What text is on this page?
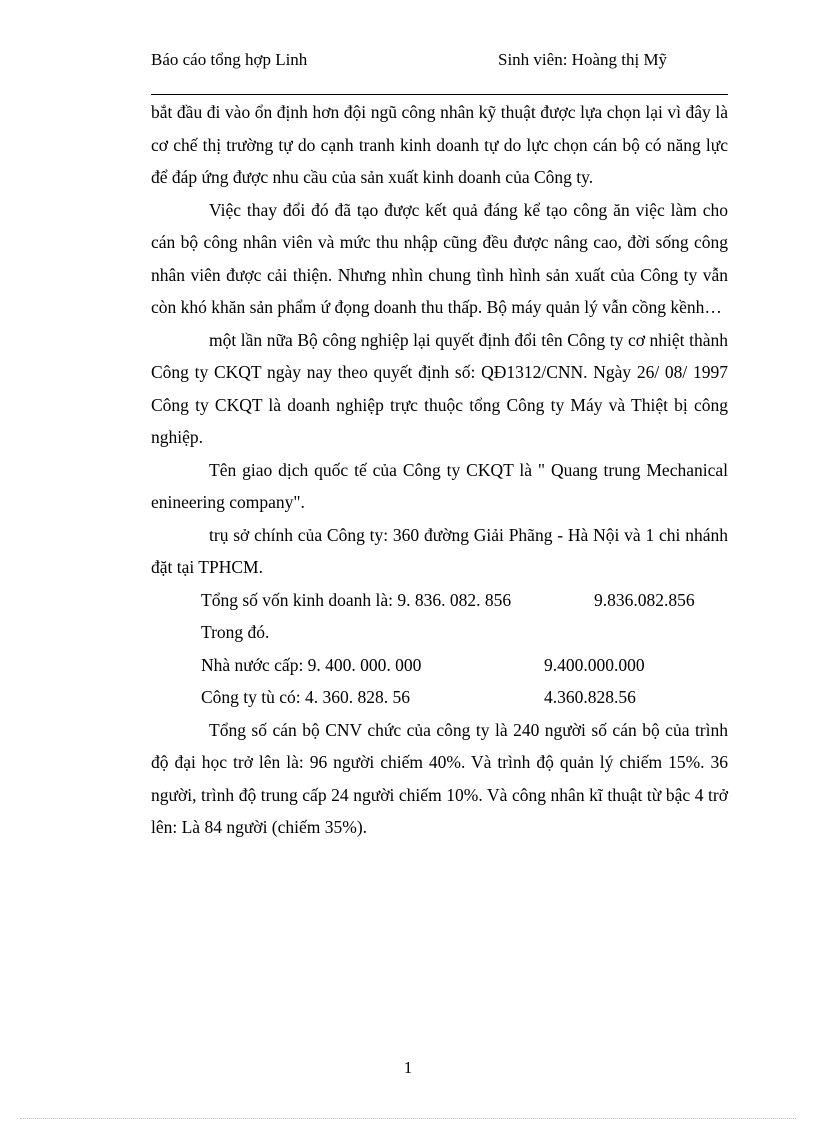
Báo cáo tổng hợp Linh	Sinh viên: Hoàng thị Mỹ

bắt đầu đi vào ổn định hơn đội ngũ công nhân kỹ thuật được lựa chọn lại vì đây là cơ chế thị trường tự do cạnh tranh kinh doanh tự do lực chọn cán bộ có năng lực để đáp ứng được nhu cầu của sản xuất kinh doanh của Công ty.

Việc thay đổi đó đã tạo được kết quả đáng kể tạo công ăn việc làm cho cán bộ công nhân viên và mức thu nhập cũng đều được nâng cao, đời sống công nhân viên được cải thiện. Nhưng nhìn chung tình hình sản xuất của Công ty vẫn còn khó khăn sản phẩm ứ đọng doanh thu thấp. Bộ máy quản lý vẫn cồng kềnh…

một lần nữa Bộ công nghiệp lại quyết định đổi tên Công ty cơ nhiệt thành Công ty CKQT ngày nay theo quyết định số: QĐ1312/CNN. Ngày 26/ 08/ 1997 Công ty CKQT là doanh nghiệp trực thuộc tổng Công ty Máy và Thiệt bị công nghiệp.

Tên giao dịch quốc tế của Công ty CKQT là " Quang trung Mechanical enineering company".

trụ sở chính của Công ty: 360 đường Giải Phãng - Hà Nội và 1 chi nhánh đặt tại TPHCM.

Tổng số vốn kinh doanh là: 9. 836. 082. 856	9.836.082.856
Trong đó.
Nhà nước cấp: 9. 400. 000. 000	9.400.000.000
Công ty tù có: 4. 360. 828. 56	4.360.828.56

Tổng số cán bộ CNV chức của công ty là 240 người số cán bộ của trình độ đại học trở lên là: 96 người chiếm 40%. Và trình độ quản lý chiếm 15%. 36 người, trình độ trung cấp 24 người chiếm 10%. Và công nhân kĩ thuật từ bậc 4 trở lên: Là 84 người (chiếm 35%).

1
